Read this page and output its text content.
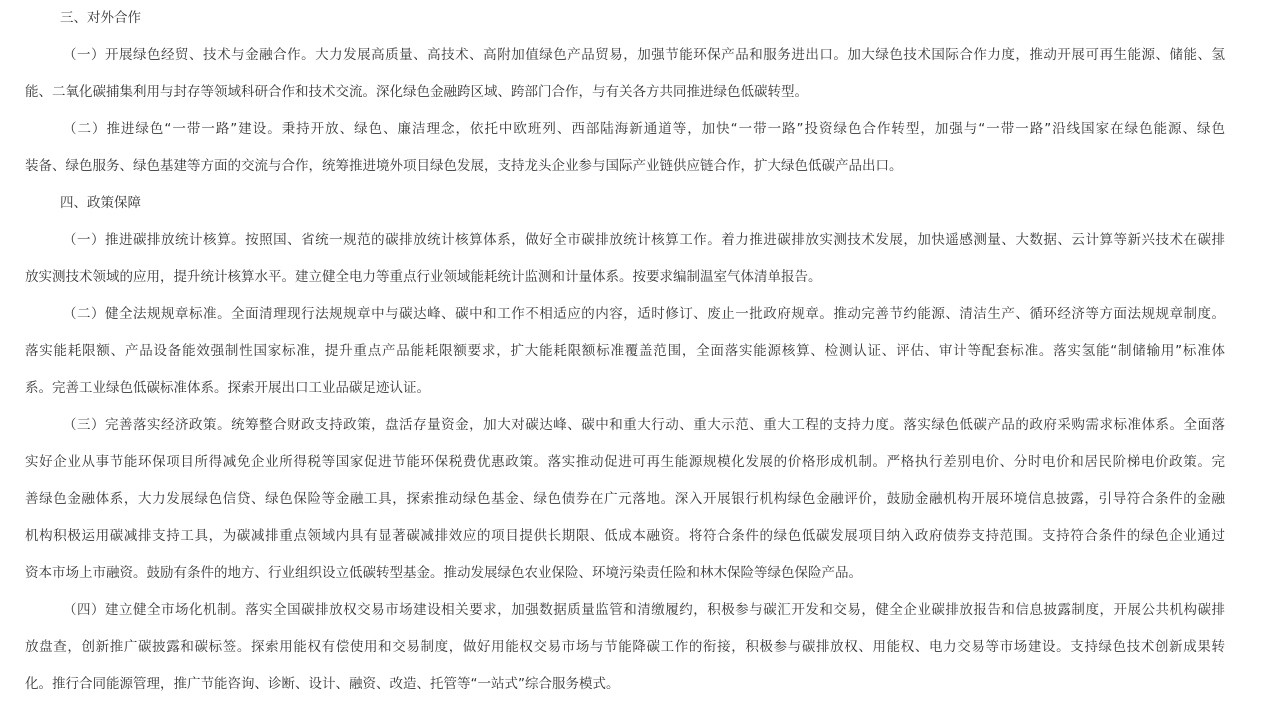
三、对外合作
（一）开展绿色经贸、技术与金融合作。大力发展高质量、高技术、高附加值绿色产品贸易，加强节能环保产品和服务进出口。加大绿色技术国际合作力度，推动开展可再生能源、储能、氢
能、二氧化碳捕集利用与封存等领域科研合作和技术交流。深化绿色金融跨区域、跨部门合作，与有关各方共同推进绿色低碳转型。
（二）推进绿色“一带一路”建设。秉持开放、绿色、廉洁理念，依托中欧班列、西部陆海新通道等，加快“一带一路”投资绿色合作转型，加强与“一带一路”沿线国家在绿色能源、绿色
装备、绿色服务、绿色基建等方面的交流与合作，统筹推进境外项目绿色发展，支持龙头企业参与国际产业链供应链合作，扩大绿色低碳产品出口。
四、政策保障
（一）推进碳排放统计核算。按照国、省统一规范的碳排放统计核算体系，做好全市碳排放统计核算工作。着力推进碳排放实测技术发展，加快遥感测量、大数据、云计算等新兴技术在碳排
放实测技术领域的应用，提升统计核算水平。建立健全电力等重点行业领域能耗统计监测和计量体系。按要求编制温室气体清单报告。
（二）健全法规规章标准。全面清理现行法规规章中与碳达峰、碳中和工作不相适应的内容，适时修订、废止一批政府规章。推动完善节约能源、清洁生产、循环经济等方面法规规章制度。
落实能耗限额、产品设备能效强制性国家标准，提升重点产品能耗限额要求，扩大能耗限额标准覆盖范围，全面落实能源核算、检测认证、评估、审计等配套标准。落实氢能“制储输用”标准体
系。完善工业绿色低碳标准体系。探索开展出口工业品碳足迹认证。
（三）完善落实经济政策。统筹整合财政支持政策，盘活存量资金，加大对碳达峰、碳中和重大行动、重大示范、重大工程的支持力度。落实绿色低碳产品的政府采购需求标准体系。全面落
实好企业从事节能环保项目所得减免企业所得税等国家促进节能环保税费优惠政策。落实推动促进可再生能源规模化发展的价格形成机制。严格执行差别电价、分时电价和居民阶梯电价政策。完
善绿色金融体系，大力发展绿色信贷、绿色保险等金融工具，探索推动绿色基金、绿色债券在广元落地。深入开展银行机构绿色金融评价，鼓励金融机构开展环境信息披露，引导符合条件的金融
机构积极运用碳减排支持工具，为碳减排重点领域内具有显著碳减排效应的项目提供长期限、低成本融资。将符合条件的绿色低碳发展项目纳入政府债券支持范围。支持符合条件的绿色企业通过
资本市场上市融资。鼓励有条件的地方、行业组织设立低碳转型基金。推动发展绿色农业保险、环境污染责任险和林木保险等绿色保险产品。
（四）建立健全市场化机制。落实全国碳排放权交易市场建设相关要求，加强数据质量监管和清缴履约，积极参与碳汇开发和交易，健全企业碳排放报告和信息披露制度，开展公共机构碳排
放盘查，创新推广碳披露和碳标签。探索用能权有偿使用和交易制度，做好用能权交易市场与节能降碳工作的衔接，积极参与碳排放权、用能权、电力交易等市场建设。支持绿色技术创新成果转
化。推行合同能源管理，推广节能咨询、诊断、设计、融资、改造、托管等“一站式”综合服务模式。
